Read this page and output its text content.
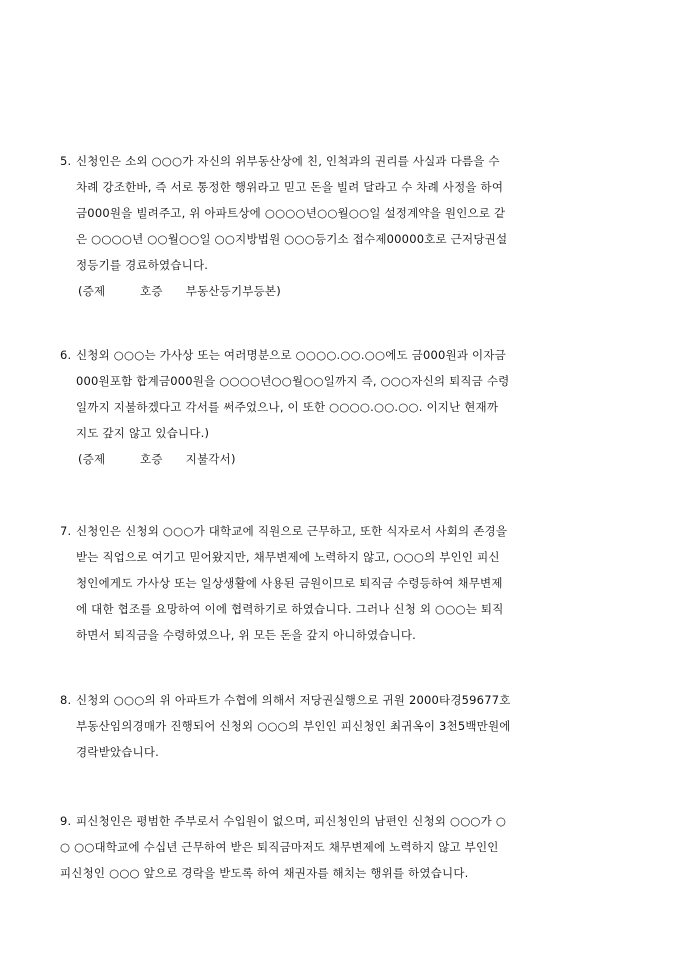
5. 신청인은 소외 ○○○가 자신의 위부동산상에 친, 인척과의 권리를 사실과 다름을 수
차례 강조한바, 즉 서로 통정한 행위라고 믿고 돈을 빌려 달라고 수 차례 사정을 하여
금000원을 빌려주고, 위 아파트상에 ○○○○년○○월○○일 설정계약을 원인으로 같
은 ○○○○년 ○○월○○일 ○○지방법원 ○○○등기소 접수제00000호로 근저당권설
정등기를 경료하였습니다.
(증제         호증      부동산등기부등본)
6. 신청외 ○○○는 가사상 또는 여러명분으로 ○○○○.○○.○○에도 금000원과 이자금
000원포함 합계금000원을 ○○○○년○○월○○일까지 즉, ○○○자신의 퇴직금 수령
일까지 지불하겠다고 각서를 써주었으나, 이 또한 ○○○○.○○.○○. 이지난 현재까
지도 갚지 않고 있습니다.)
(증제         호증      지불각서)
7. 신청인은 신청외 ○○○가 대학교에 직원으로 근무하고, 또한 식자로서 사회의 존경을
받는 직업으로 여기고 믿어왔지만, 채무변제에 노력하지 않고, ○○○의 부인인 피신
청인에게도 가사상 또는 일상생활에 사용된 금원이므로 퇴직금 수령등하여 채무변제
에 대한 협조를 요망하여 이에 협력하기로 하였습니다. 그러나 신청 외 ○○○는 퇴직
하면서 퇴직금을 수령하였으나, 위 모든 돈을 갚지 아니하였습니다.
8. 신청외 ○○○의 위 아파트가 수협에 의해서 저당권실행으로 귀원 2000타경59677호
부동산임의경매가 진행되어 신청외 ○○○의 부인인 피신청인 최귀옥이 3천5백만원에
경락받았습니다.
9. 피신청인은 평범한 주부로서 수입원이 없으며, 피신청인의 남편인 신청외 ○○○가 ○
○ ○○대학교에 수십년 근무하여 받은 퇴직금마저도 채무변제에 노력하지 않고 부인인
피신청인 ○○○ 앞으로 경락을 받도록 하여 채권자를 해치는 행위를 하였습니다.
